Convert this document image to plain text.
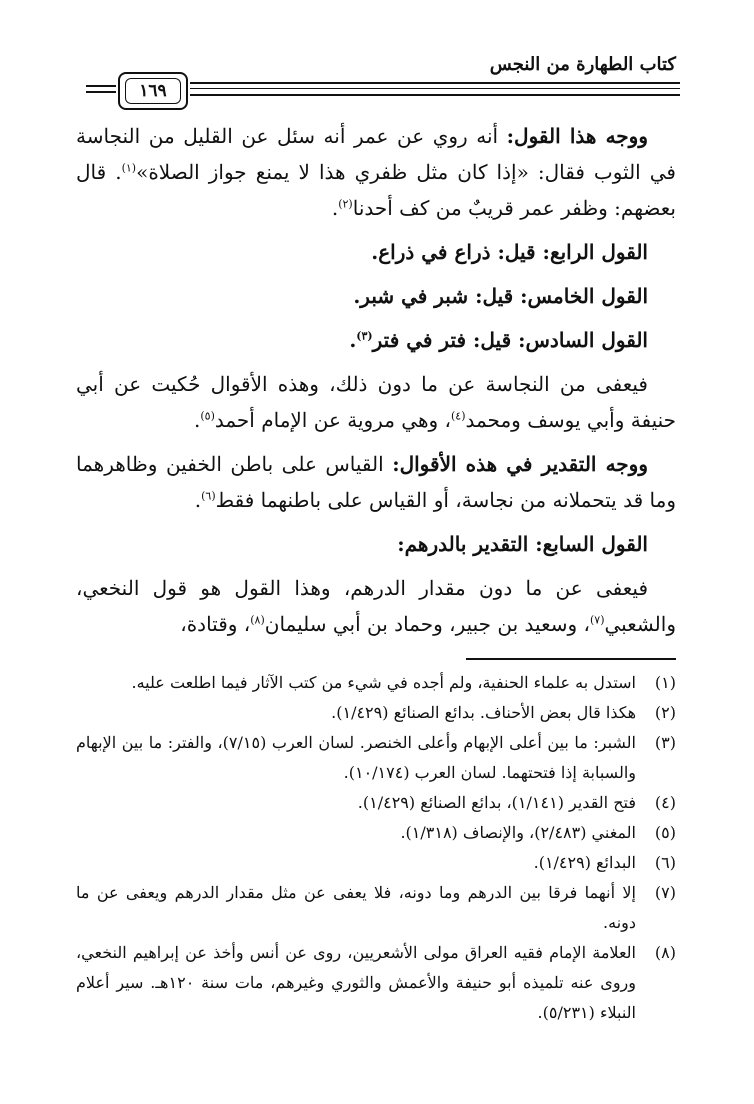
كتاب الطهارة من النجس
١٦٩

ووجه هذا القول: أنه روي عن عمر أنه سئل عن القليل من النجاسة في الثوب فقال: «إذا كان مثل ظفري هذا لا يمنع جواز الصلاة»$^{(١)}$. قال بعضهم: وظفر عمر قريبٌ من كف أحدنا$^{(٢)}$.

القول الرابع: قيل: ذراع في ذراع.

القول الخامس: قيل: شبر في شبر.

القول السادس: قيل: فتر في فتر$^{(٣)}$.

فيعفى من النجاسة عن ما دون ذلك، وهذه الأقوال حُكيت عن أبي حنيفة وأبي يوسف ومحمد$^{(٤)}$، وهي مروية عن الإمام أحمد$^{(٥)}$.

ووجه التقدير في هذه الأقوال: القياس على باطن الخفين وظاهرهما وما قد يتحملانه من نجاسة، أو القياس على باطنهما فقط$^{(٦)}$.

القول السابع: التقدير بالدرهم:

فيعفى عن ما دون مقدار الدرهم، وهذا القول هو قول النخعي، والشعبي$^{(٧)}$، وسعيد بن جبير، وحماد بن أبي سليمان$^{(٨)}$، وقتادة،

(١)
استدل به علماء الحنفية، ولم أجده في شيء من كتب الآثار فيما اطلعت عليه.
(٢)
هكذا قال بعض الأحناف. بدائع الصنائع (١/٤٢٩).
(٣)
الشبر: ما بين أعلى الإبهام وأعلى الخنصر. لسان العرب (٧/١٥)، والفتر: ما بين الإبهام والسبابة إذا فتحتهما. لسان العرب (١٠/١٧٤).
(٤)
فتح القدير (١/١٤١)، بدائع الصنائع (١/٤٢٩).
(٥)
المغني (٢/٤٨٣)، والإنصاف (١/٣١٨).
(٦)
البدائع (١/٤٢٩).
(٧)
إلا أنهما فرقا بين الدرهم وما دونه، فلا يعفى عن مثل مقدار الدرهم ويعفى عن ما دونه.
(٨)
العلامة الإمام فقيه العراق مولى الأشعريين، روى عن أنس وأخذ عن إبراهيم النخعي، وروى عنه تلميذه أبو حنيفة والأعمش والثوري وغيرهم، مات سنة ١٢٠هـ. سير أعلام النبلاء (٥/٢٣١).
